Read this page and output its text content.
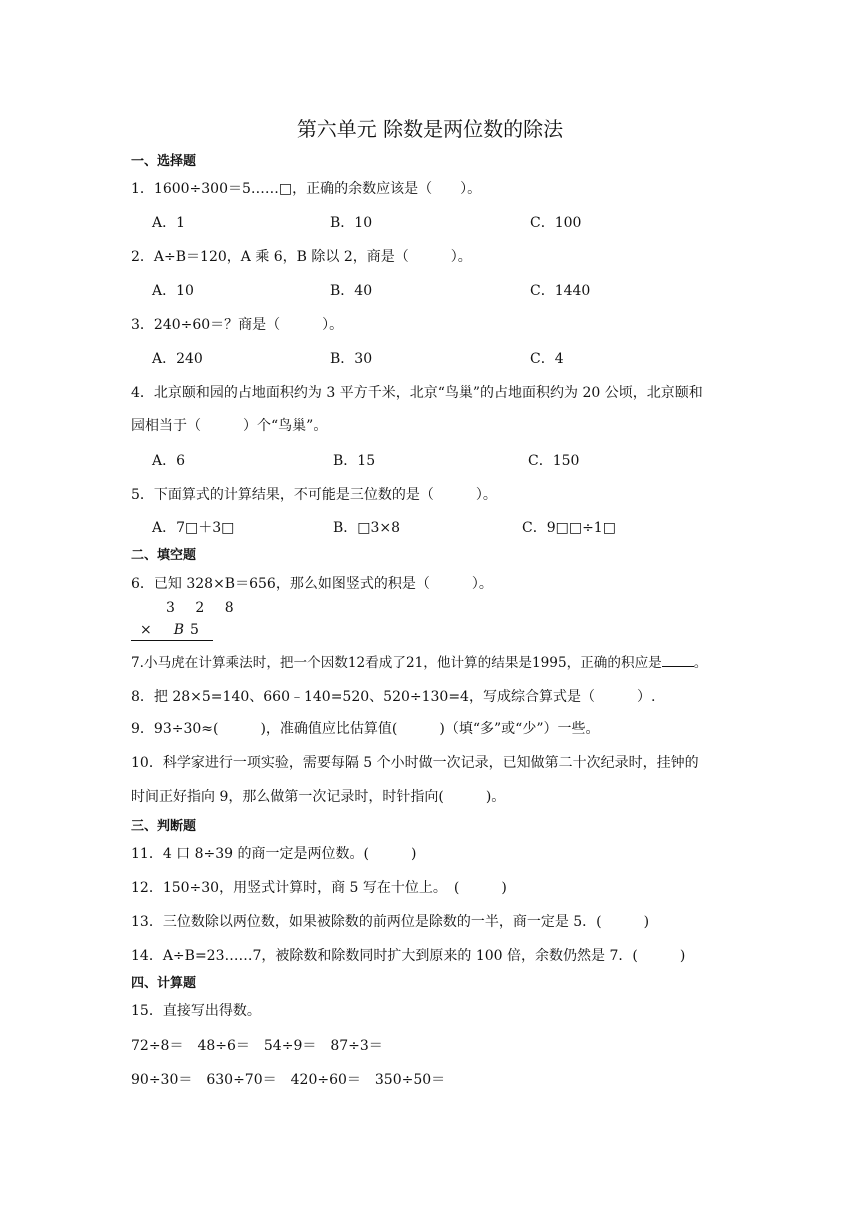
第六单元 除数是两位数的除法
一、选择题
1．1600÷300＝5……□，正确的余数应该是（　　）。
A．1	B．10	C．100
2．A÷B＝120，A 乘 6，B 除以 2，商是（　　　）。
A．10	B．40	C．1440
3．240÷60＝？商是（　　　）。
A．240	B．30	C．4
4．北京颐和园的占地面积约为 3 平方千米，北京“鸟巢”的占地面积约为 20 公顷，北京颐和
园相当于（　　　）个“鸟巢”。
A．6	B．15	C．150
5．下面算式的计算结果，不可能是三位数的是（　　　）。
A．7□＋3□	B．□3×8	C．9□□÷1□
二、填空题
6．已知 328×B＝656，那么如图竖式的积是（　　　）。
3 2 8
× B 5
7.小马虎在计算乘法时，把一个因数12看成了21，他计算的结果是1995，正确的积应是 。
8．把 28×5=140、660﹣140=520、520÷130=4，写成综合算式是（　　　）.
9．93÷30≈(　　　)，准确值应比估算值(　　　)（填“多”或“少”）一些。
10．科学家进行一项实验，需要每隔 5 个小时做一次记录，已知做第二十次纪录时，挂钟的
时间正好指向 9，那么做第一次记录时，时针指向(　　　)。
三、判断题
11．4 口 8÷39 的商一定是两位数。(　　　)
12．150÷30，用竖式计算时，商 5 写在十位上。　(　　　)
13．三位数除以两位数，如果被除数的前两位是除数的一半，商一定是 5．(　　　)
14．A÷B=23……7，被除数和除数同时扩大到原来的 100 倍，余数仍然是 7．(　　　)
四、计算题
15．直接写出得数。
72÷8＝　48÷6＝　54÷9＝　87÷3＝
90÷30＝　630÷70＝　420÷60＝　350÷50＝
